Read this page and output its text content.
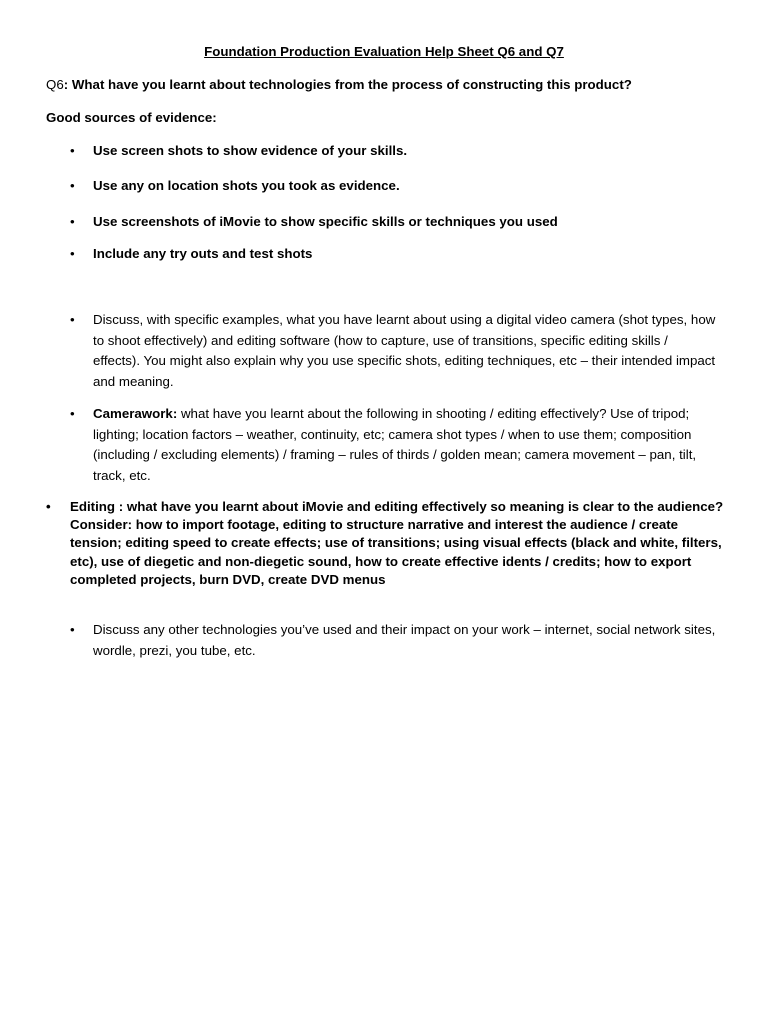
Foundation Production Evaluation Help Sheet Q6 and Q7
Q6: What have you learnt about technologies from the process of constructing this product?
Good sources of evidence:
• Use screen shots to show evidence of your skills.
• Use any on location shots you took as evidence.
• Use screenshots of iMovie to show specific skills or techniques you used
• Include any try outs and test shots
• Discuss, with specific examples, what you have learnt about using a digital video camera (shot types, how to shoot effectively) and editing software (how to capture, use of transitions, specific editing skills / effects). You might also explain why you use specific shots, editing techniques, etc – their intended impact and meaning.
• Camerawork: what have you learnt about the following in shooting / editing effectively? Use of tripod; lighting; location factors – weather, continuity, etc; camera shot types / when to use them; composition (including / excluding elements) / framing – rules of thirds / golden mean; camera movement – pan, tilt, track, etc.
• Editing : what have you learnt about iMovie and editing effectively so meaning is clear to the audience? Consider: how to import footage, editing to structure narrative and interest the audience / create tension; editing speed to create effects; use of transitions; using visual effects (black and white, filters, etc), use of diegetic and non-diegetic sound, how to create effective idents / credits; how to export completed projects, burn DVD, create DVD menus
• Discuss any other technologies you’ve used and their impact on your work – internet, social network sites, wordle, prezi, you tube, etc.
